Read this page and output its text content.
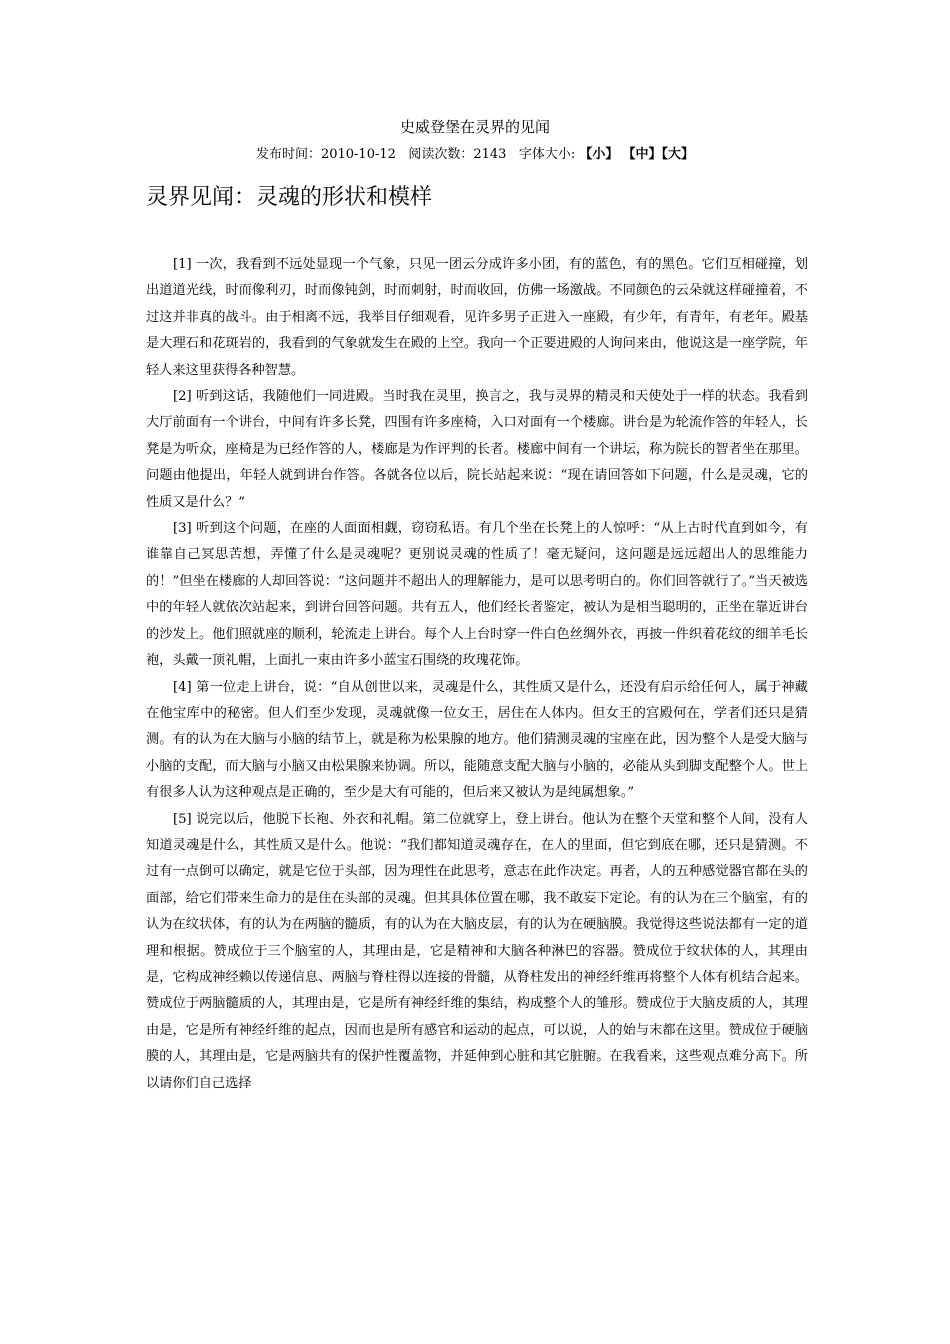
史威登堡在灵界的见闻
发布时间：2010-10-12 阅读次数：2143 字体大小: 【小】 【中】【大】
灵界见闻：灵魂的形状和模样

[1] 一次，我看到不远处显现一个气象，只见一团云分成许多小团，有的蓝色，有的黑色。它们互相碰撞，划出道道光线，时而像利刃，时而像钝剑，时而刺射，时而收回，仿佛一场激战。不同颜色的云朵就这样碰撞着，不过这并非真的战斗。由于相离不远，我举目仔细观看，见许多男子正进入一座殿，有少年，有青年，有老年。殿基是大理石和花斑岩的，我看到的气象就发生在殿的上空。我向一个正要进殿的人询问来由，他说这是一座学院，年轻人来这里获得各种智慧。

[2] 听到这话，我随他们一同进殿。当时我在灵里，换言之，我与灵界的精灵和天使处于一样的状态。我看到大厅前面有一个讲台，中间有许多长凳，四围有许多座椅，入口对面有一个楼廊。讲台是为轮流作答的年轻人，长凳是为听众，座椅是为已经作答的人，楼廊是为作评判的长者。楼廊中间有一个讲坛，称为院长的智者坐在那里。问题由他提出，年轻人就到讲台作答。各就各位以后，院长站起来说：“现在请回答如下问题，什么是灵魂，它的性质又是什么？”

[3] 听到这个问题，在座的人面面相觑，窃窃私语。有几个坐在长凳上的人惊呼：“从上古时代直到如今，有谁靠自己冥思苦想，弄懂了什么是灵魂呢？更别说灵魂的性质了！毫无疑问，这问题是远远超出人的思维能力的！”但坐在楼廊的人却回答说：“这问题并不超出人的理解能力，是可以思考明白的。你们回答就行了。”当天被选中的年轻人就依次站起来，到讲台回答问题。共有五人，他们经长者鉴定，被认为是相当聪明的，正坐在靠近讲台的沙发上。他们照就座的顺利，轮流走上讲台。每个人上台时穿一件白色丝绸外衣，再披一件织着花纹的细羊毛长袍，头戴一顶礼帽，上面扎一束由许多小蓝宝石围绕的玫瑰花饰。

[4] 第一位走上讲台，说：“自从创世以来，灵魂是什么，其性质又是什么，还没有启示给任何人，属于神藏在他宝库中的秘密。但人们至少发现，灵魂就像一位女王，居住在人体内。但女王的宫殿何在，学者们还只是猜测。有的认为在大脑与小脑的结节上，就是称为松果腺的地方。他们猜测灵魂的宝座在此，因为整个人是受大脑与小脑的支配，而大脑与小脑又由松果腺来协调。所以，能随意支配大脑与小脑的，必能从头到脚支配整个人。世上有很多人认为这种观点是正确的，至少是大有可能的，但后来又被认为是纯属想象。”

[5] 说完以后，他脱下长袍、外衣和礼帽。第二位就穿上，登上讲台。他认为在整个天堂和整个人间，没有人知道灵魂是什么，其性质又是什么。他说：“我们都知道灵魂存在，在人的里面，但它到底在哪，还只是猜测。不过有一点倒可以确定，就是它位于头部，因为理性在此思考，意志在此作决定。再者，人的五种感觉器官都在头的面部，给它们带来生命力的是住在头部的灵魂。但其具体位置在哪，我不敢妄下定论。有的认为在三个脑室，有的认为在纹状体，有的认为在两脑的髓质，有的认为在大脑皮层，有的认为在硬脑膜。我觉得这些说法都有一定的道理和根据。赞成位于三个脑室的人，其理由是，它是精神和大脑各种淋巴的容器。赞成位于纹状体的人，其理由是，它构成神经赖以传递信息、两脑与脊柱得以连接的骨髓，从脊柱发出的神经纤维再将整个人体有机结合起来。赞成位于两脑髓质的人，其理由是，它是所有神经纤维的集结，构成整个人的雏形。赞成位于大脑皮质的人，其理由是，它是所有神经纤维的起点，因而也是所有感官和运动的起点，可以说，人的始与末都在这里。赞成位于硬脑膜的人，其理由是，它是两脑共有的保护性覆盖物，并延伸到心脏和其它脏腑。在我看来，这些观点难分高下。所以请你们自己选择
